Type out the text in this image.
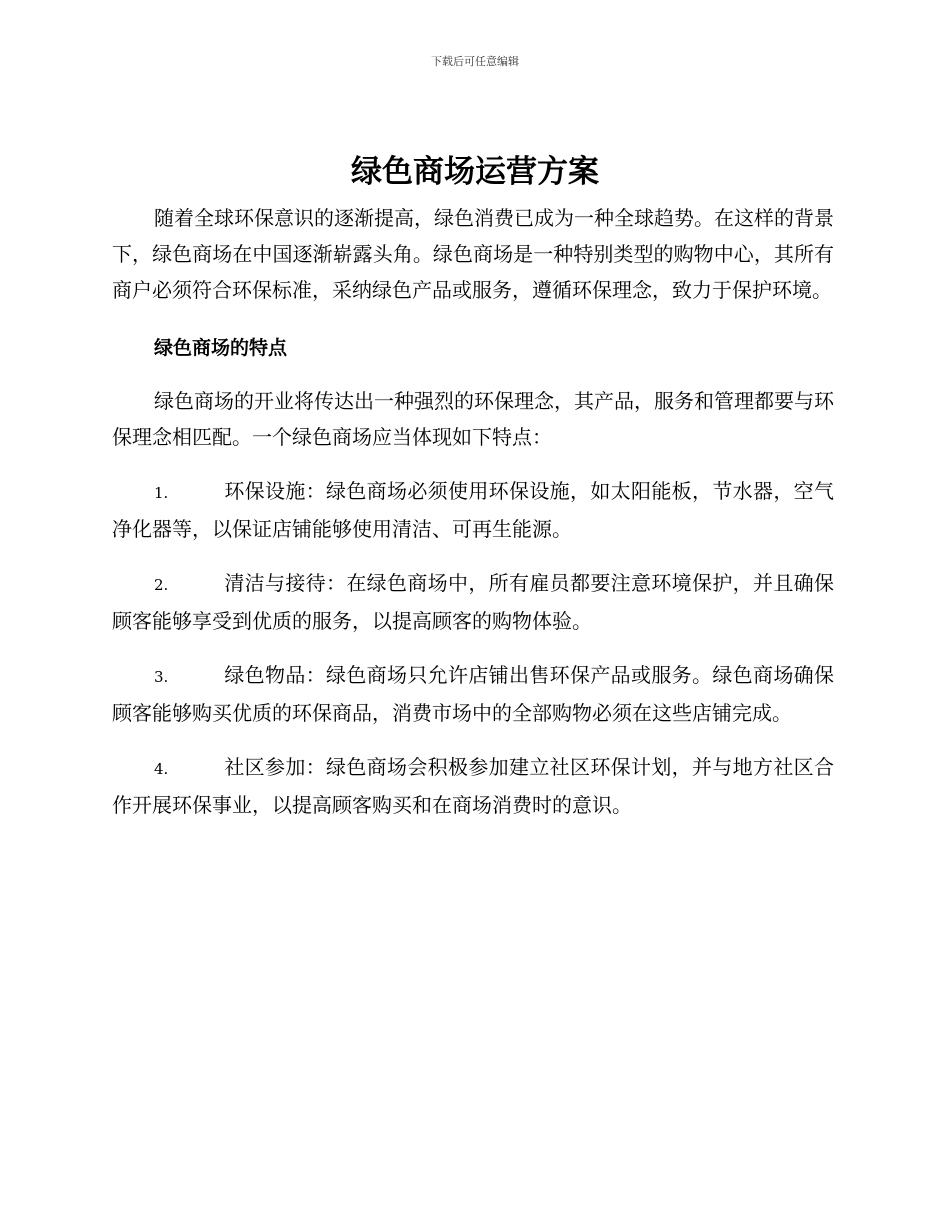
下载后可任意编辑
绿色商场运营方案

随着全球环保意识的逐渐提高，绿色消费已成为一种全球趋势。在这样的背景下，绿色商场在中国逐渐崭露头角。绿色商场是一种特别类型的购物中心，其所有商户必须符合环保标准，采纳绿色产品或服务，遵循环保理念，致力于保护环境。

绿色商场的特点

绿色商场的开业将传达出一种强烈的环保理念，其产品，服务和管理都要与环保理念相匹配。一个绿色商场应当体现如下特点：

1.	环保设施：绿色商场必须使用环保设施，如太阳能板，节水器，空气净化器等，以保证店铺能够使用清洁、可再生能源。

2.	清洁与接待：在绿色商场中，所有雇员都要注意环境保护，并且确保顾客能够享受到优质的服务，以提高顾客的购物体验。

3.	绿色物品：绿色商场只允许店铺出售环保产品或服务。绿色商场确保顾客能够购买优质的环保商品，消费市场中的全部购物必须在这些店铺完成。

4.	社区参加：绿色商场会积极参加建立社区环保计划，并与地方社区合作开展环保事业，以提高顾客购买和在商场消费时的意识。
